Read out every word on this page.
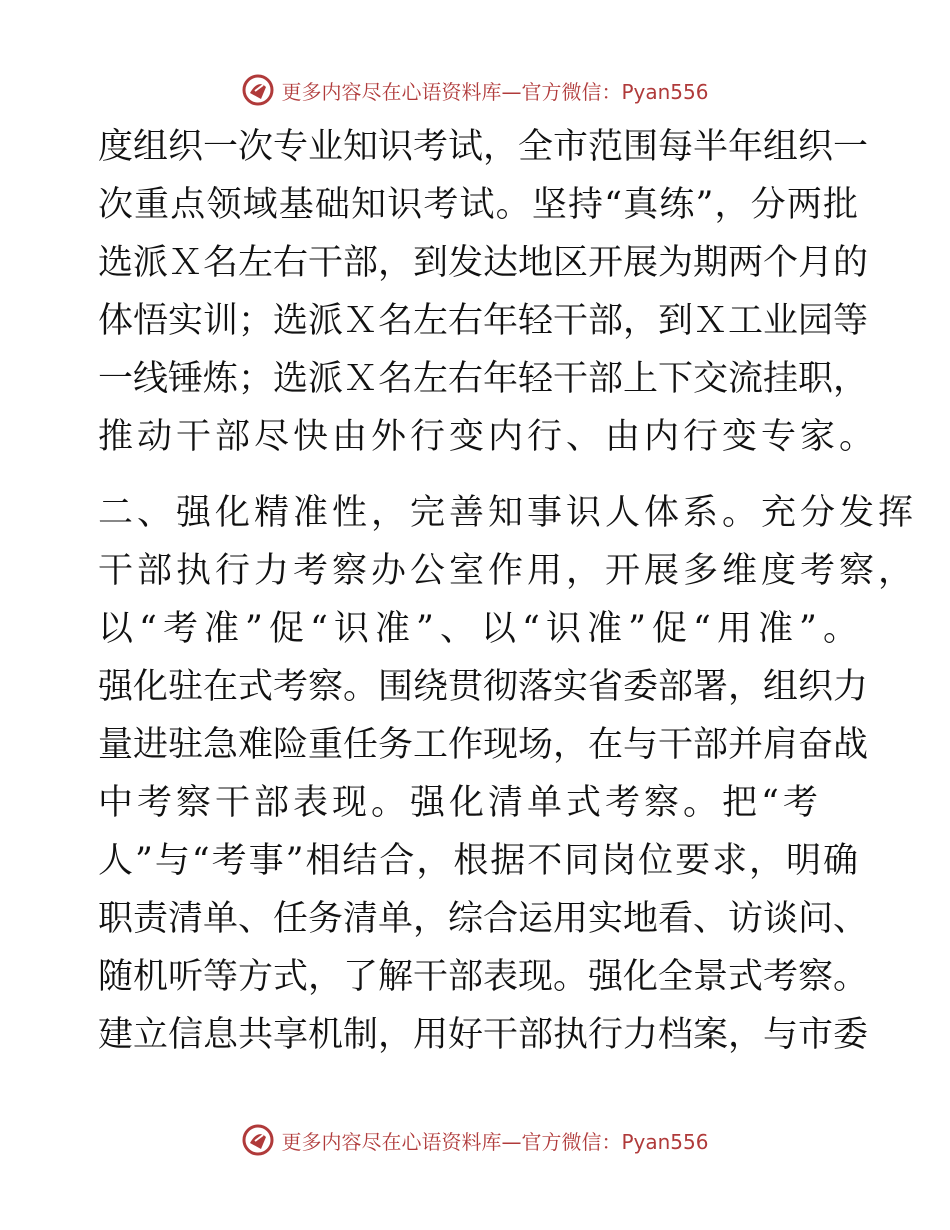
更多内容尽在心语资料库—官方微信：Pyan556
度组织一次专业知识考试，全市范围每半年组织一
次重点领域基础知识考试。坚持“真练”，分两批
选派Ｘ名左右干部，到发达地区开展为期两个月的
体悟实训；选派Ｘ名左右年轻干部，到Ｘ工业园等
一线锤炼；选派Ｘ名左右年轻干部上下交流挂职，
推动干部尽快由外行变内行、由内行变专家。
二、强化精准性，完善知事识人体系。充分发挥
干部执行力考察办公室作用，开展多维度考察，
以“考准”促“识准”、以“识准”促“用准”。
强化驻在式考察。围绕贯彻落实省委部署，组织力
量进驻急难险重任务工作现场，在与干部并肩奋战
中考察干部表现。强化清单式考察。把“考
人”与“考事”相结合，根据不同岗位要求，明确
职责清单、任务清单，综合运用实地看、访谈问、
随机听等方式，了解干部表现。强化全景式考察。
建立信息共享机制，用好干部执行力档案，与市委
更多内容尽在心语资料库—官方微信：Pyan556
